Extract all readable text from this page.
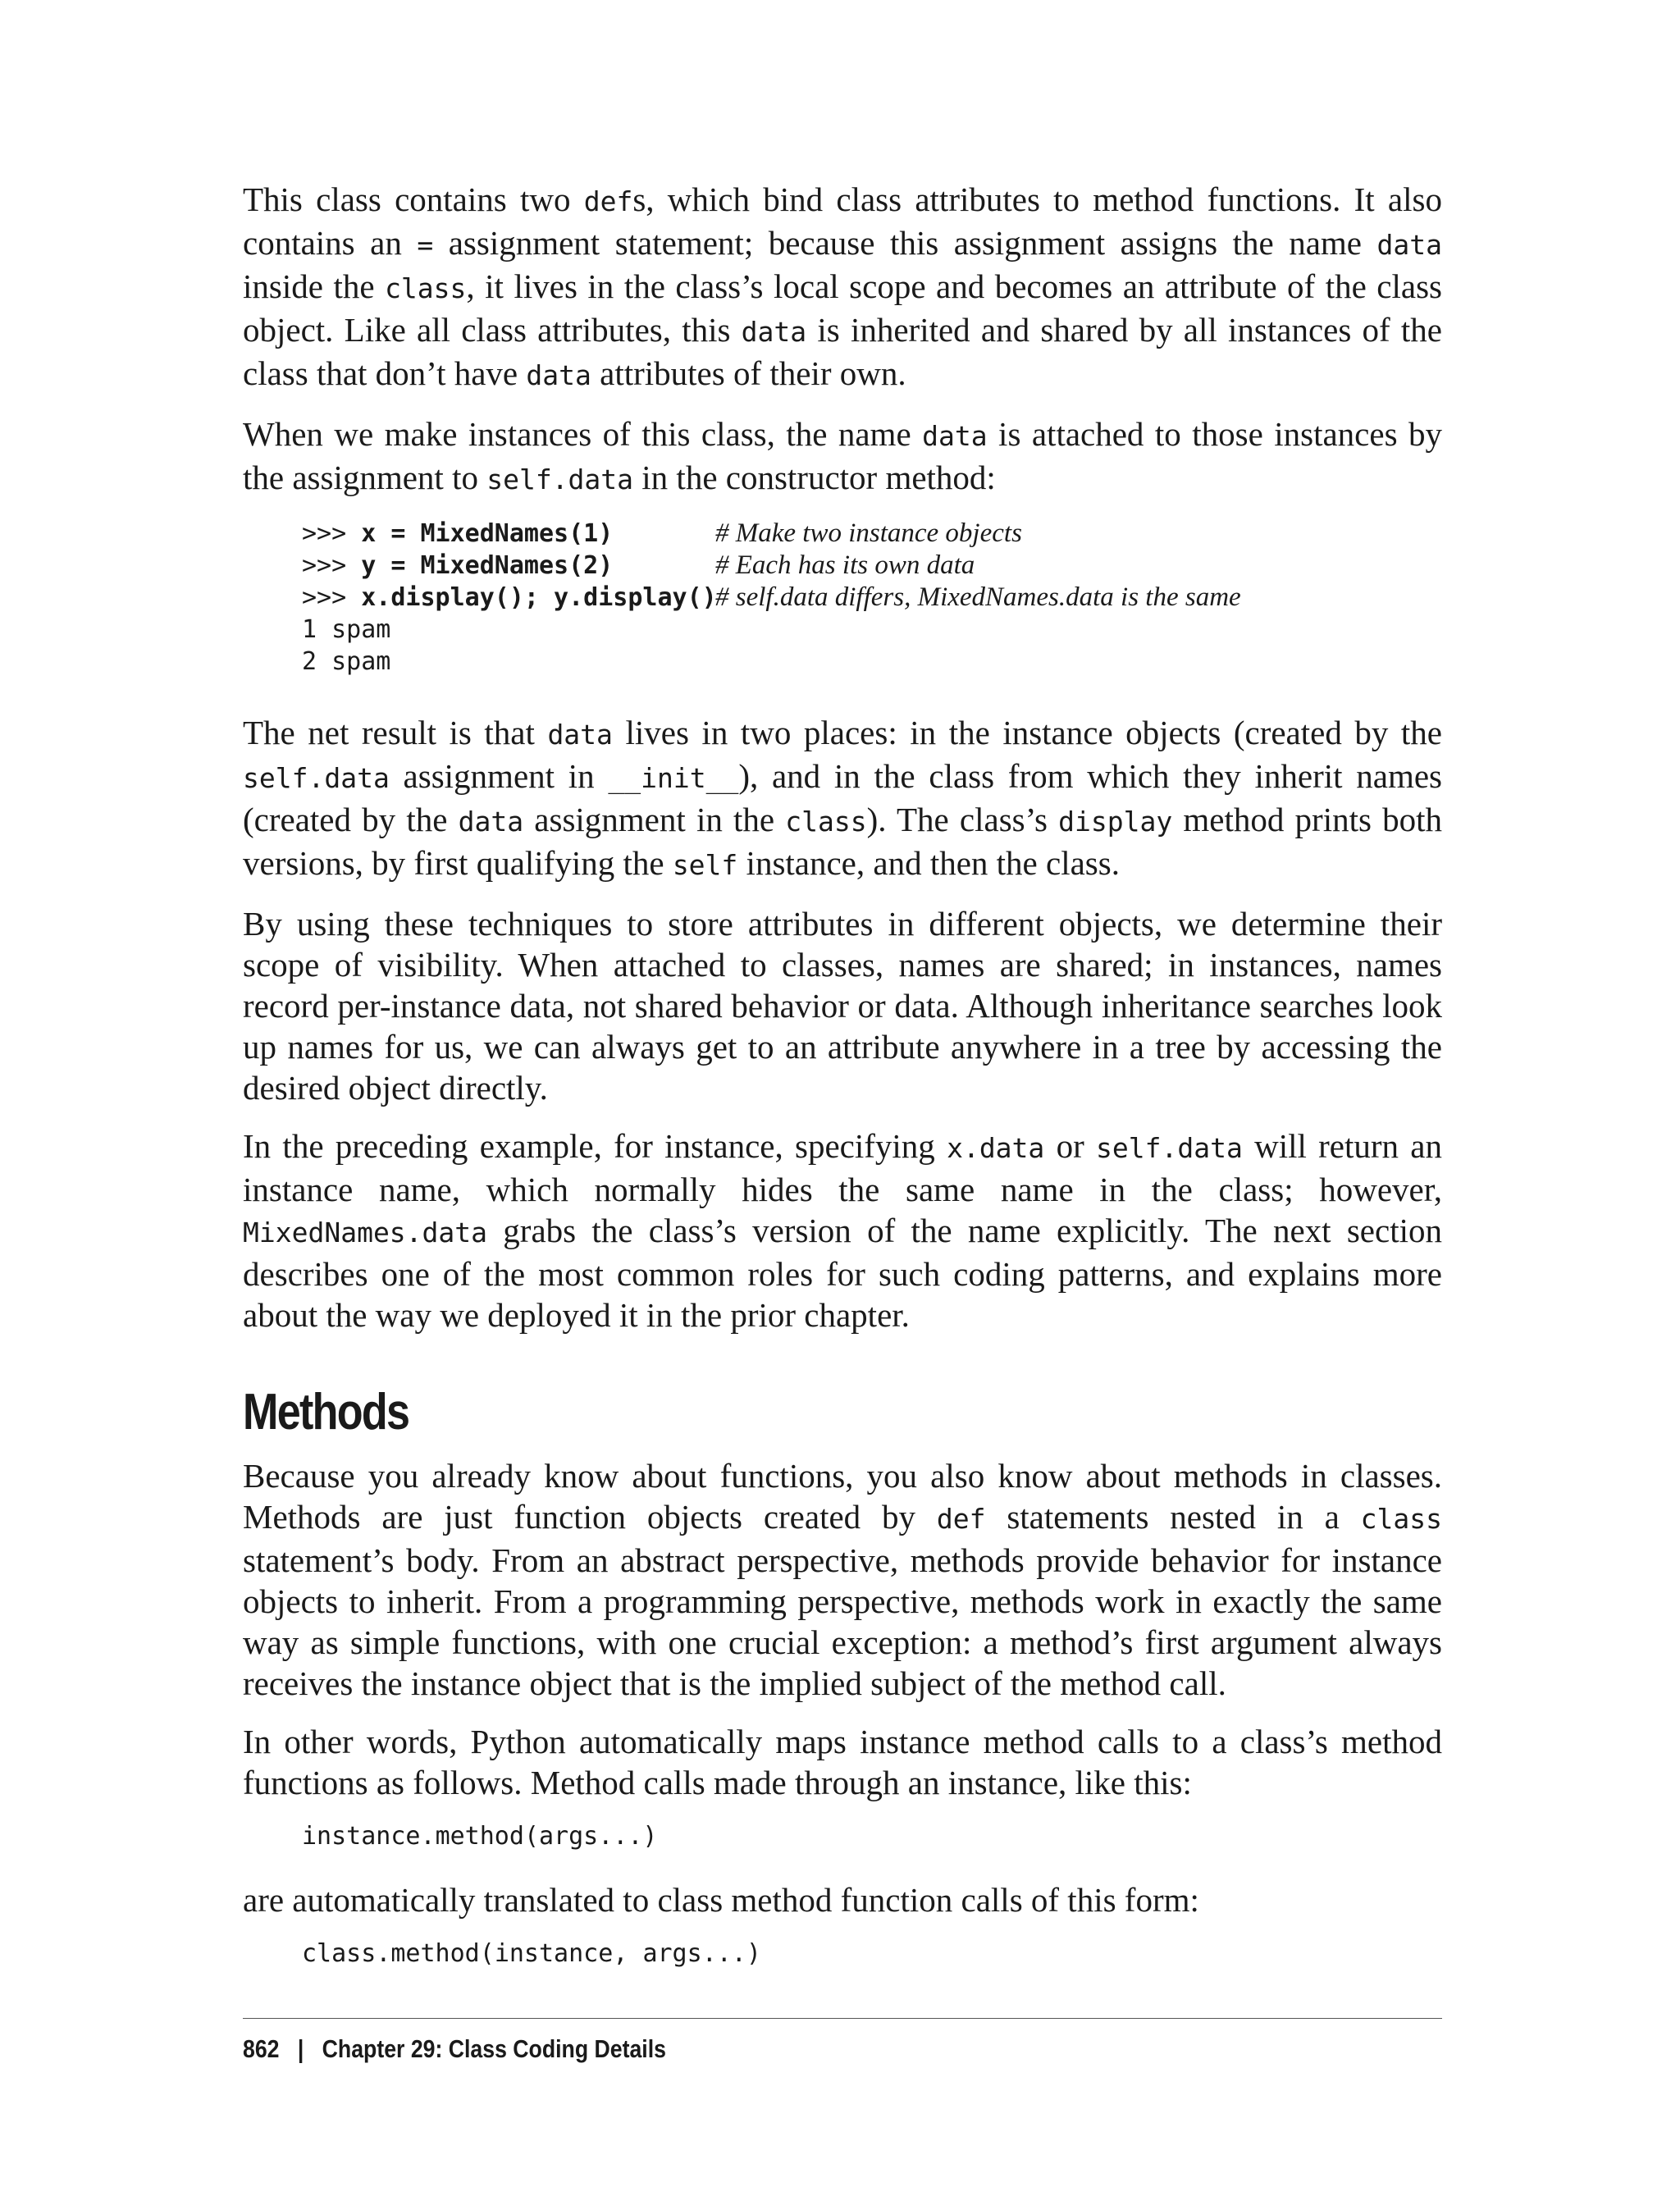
This class contains two defs, which bind class attributes to method functions. It also contains an = assignment statement; because this assignment assigns the name data inside the class, it lives in the class’s local scope and becomes an attribute of the class object. Like all class attributes, this data is inherited and shared by all instances of the class that don’t have data attributes of their own.

When we make instances of this class, the name data is attached to those instances by the assignment to self.data in the constructor method:

>>> x = MixedNames(1)	# Make two instance objects
>>> y = MixedNames(2)	# Each has its own data
>>> x.display(); y.display()# self.data differs, MixedNames.data is the same
1 spam
2 spam

The net result is that data lives in two places: in the instance objects (created by the self.data assignment in __init__), and in the class from which they inherit names (created by the data assignment in the class). The class’s display method prints both versions, by first qualifying the self instance, and then the class.

By using these techniques to store attributes in different objects, we determine their scope of visibility. When attached to classes, names are shared; in instances, names record per-instance data, not shared behavior or data. Although inheritance searches look up names for us, we can always get to an attribute anywhere in a tree by accessing the desired object directly.

In the preceding example, for instance, specifying x.data or self.data will return an instance name, which normally hides the same name in the class; however, MixedNames.data grabs the class’s version of the name explicitly. The next section describes one of the most common roles for such coding patterns, and explains more about the way we deployed it in the prior chapter.

Methods

Because you already know about functions, you also know about methods in classes. Methods are just function objects created by def statements nested in a class statement’s body. From an abstract perspective, methods provide behavior for instance objects to inherit. From a programming perspective, methods work in exactly the same way as simple functions, with one crucial exception: a method’s first argument always receives the instance object that is the implied subject of the method call.

In other words, Python automatically maps instance method calls to a class’s method functions as follows. Method calls made through an instance, like this:

instance.method(args...)

are automatically translated to class method function calls of this form:

class.method(instance, args...)
862 | Chapter 29: Class Coding Details
